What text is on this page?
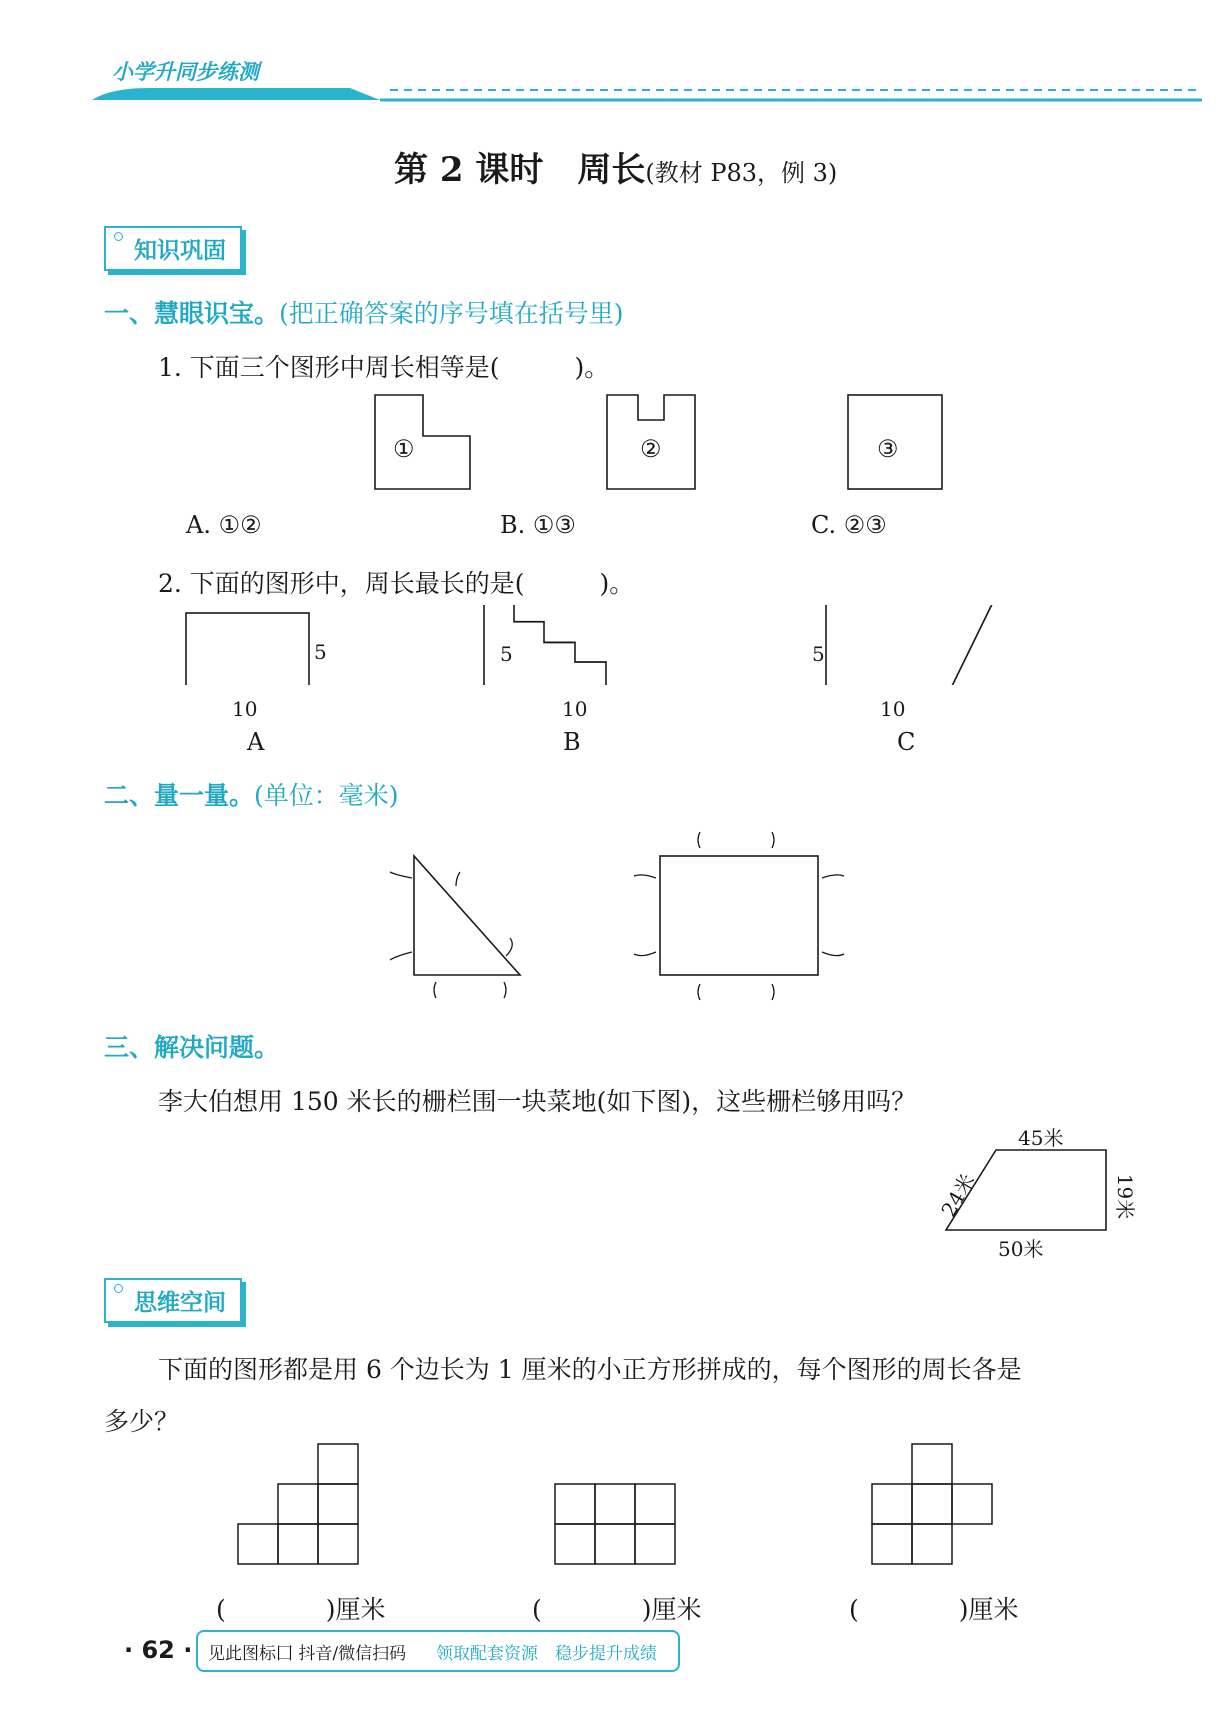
小学升同步练测
第 2 课时　周长(教材 P83，例 3)
知识巩固
一、慧眼识宝。(把正确答案的序号填在括号里)
1. 下面三个图形中周长相等是(　　　)。
①	②	③
A. ①②	B. ①③	C. ②③
2. 下面的图形中，周长最长的是(　　　)。
5
10
A
5
10
B
5
10
C
二、量一量。(单位：毫米)
三、解决问题。
李大伯想用 150 米长的栅栏围一块菜地(如下图)，这些栅栏够用吗？
45米
24米	19米
50米
思维空间
下面的图形都是用 6 个边长为 1 厘米的小正方形拼成的，每个图形的周长各是
多少？
(　　　　)厘米	(　　　　)厘米	(　　　　)厘米
· 62 · 见此图标囗 抖音/微信扫码 领取配套资源　稳步提升成绩
